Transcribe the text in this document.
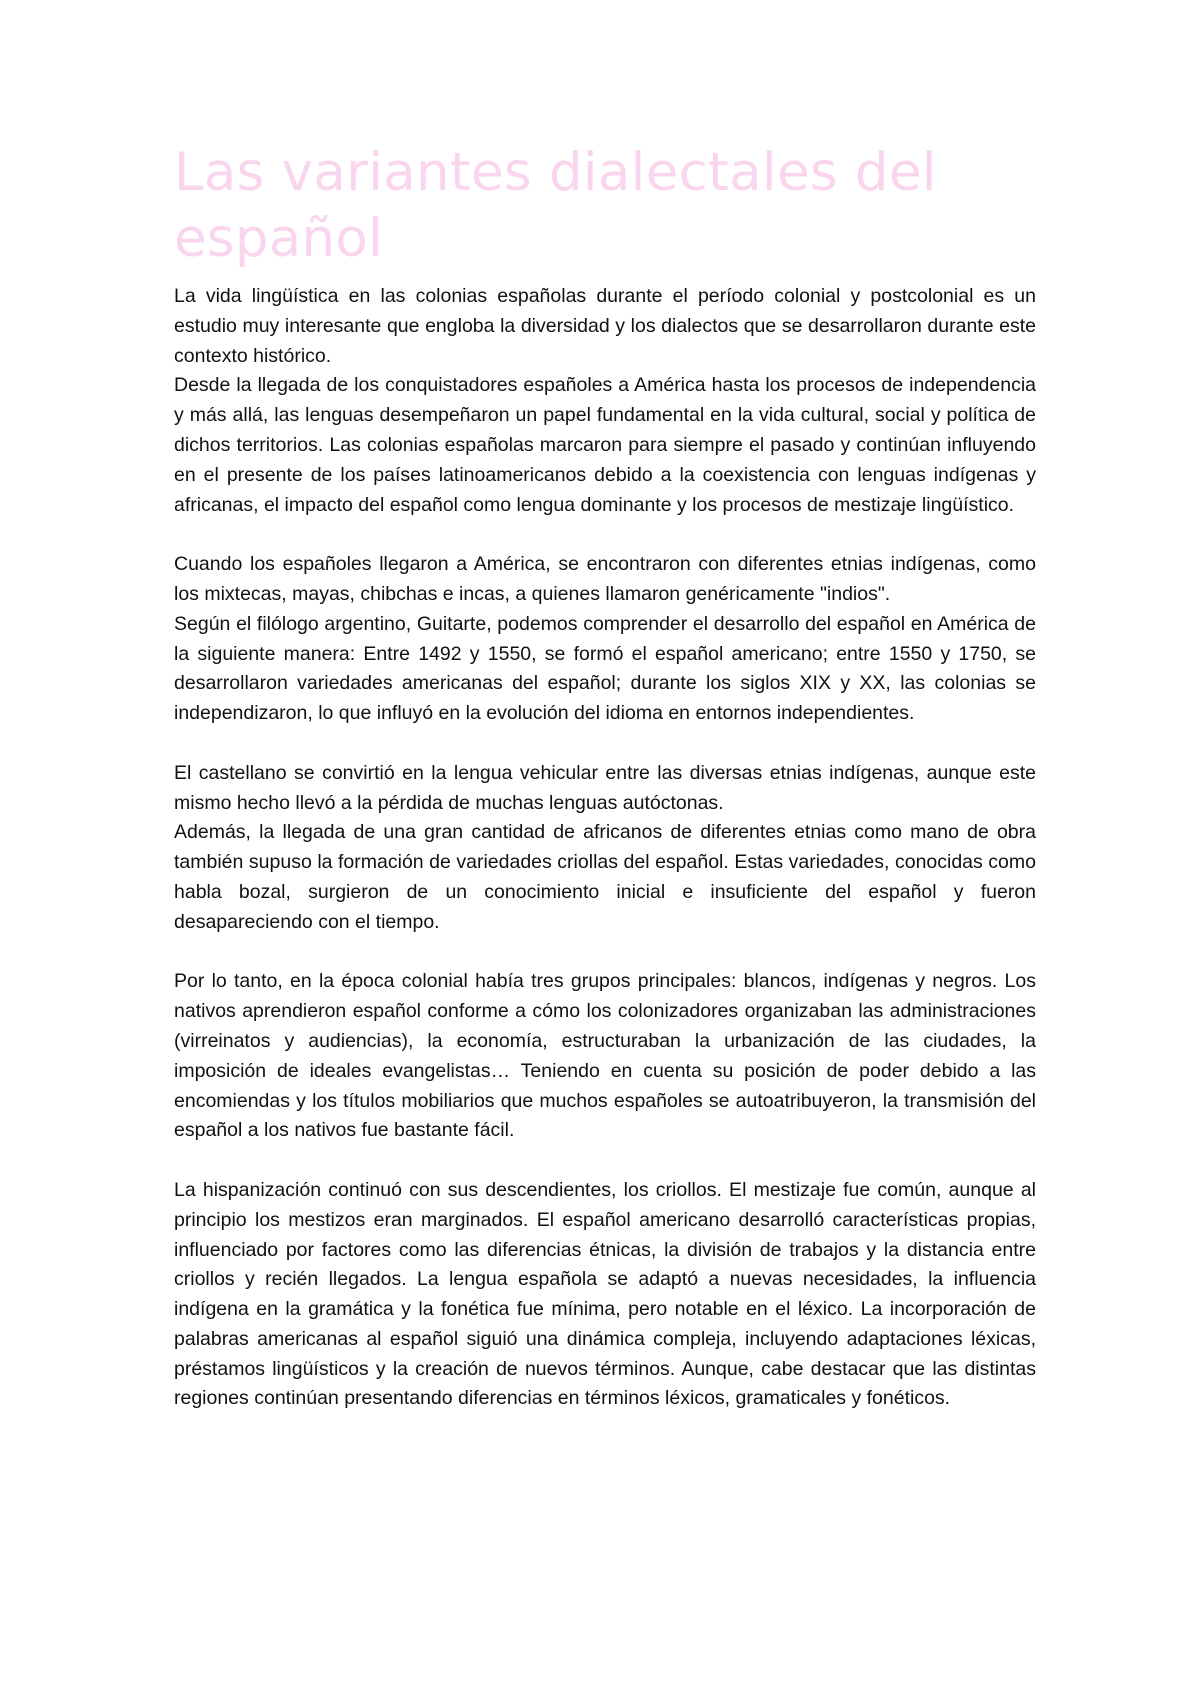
Las variantes dialectales del español

La vida lingüística en las colonias españolas durante el período colonial y postcolonial es un estudio muy interesante que engloba la diversidad y los dialectos que se desarrollaron durante este contexto histórico.

Desde la llegada de los conquistadores españoles a América hasta los procesos de independencia y más allá, las lenguas desempeñaron un papel fundamental en la vida cultural, social y política de dichos territorios. Las colonias españolas marcaron para siempre el pasado y continúan influyendo en el presente de los países latinoamericanos debido a la coexistencia con lenguas indígenas y africanas, el impacto del español como lengua dominante y los procesos de mestizaje lingüístico.

Cuando los españoles llegaron a América, se encontraron con diferentes etnias indígenas, como los mixtecas, mayas, chibchas e incas, a quienes llamaron genéricamente "indios".

Según el filólogo argentino, Guitarte, podemos comprender el desarrollo del español en América de la siguiente manera: Entre 1492 y 1550, se formó el español americano; entre 1550 y 1750, se desarrollaron variedades americanas del español; durante los siglos XIX y XX, las colonias se independizaron, lo que influyó en la evolución del idioma en entornos independientes.

El castellano se convirtió en la lengua vehicular entre las diversas etnias indígenas, aunque este mismo hecho llevó a la pérdida de muchas lenguas autóctonas.

Además, la llegada de una gran cantidad de africanos de diferentes etnias como mano de obra también supuso la formación de variedades criollas del español. Estas variedades, conocidas como habla bozal, surgieron de un conocimiento inicial e insuficiente del español y fueron desapareciendo con el tiempo.

Por lo tanto, en la época colonial había tres grupos principales: blancos, indígenas y negros. Los nativos aprendieron español conforme a cómo los colonizadores organizaban las administraciones (virreinatos y audiencias), la economía, estructuraban la urbanización de las ciudades, la imposición de ideales evangelistas… Teniendo en cuenta su posición de poder debido a las encomiendas y los títulos mobiliarios que muchos españoles se autoatribuyeron, la transmisión del español a los nativos fue bastante fácil.

La hispanización continuó con sus descendientes, los criollos. El mestizaje fue común, aunque al principio los mestizos eran marginados. El español americano desarrolló características propias, influenciado por factores como las diferencias étnicas, la división de trabajos y la distancia entre criollos y recién llegados. La lengua española se adaptó a nuevas necesidades, la influencia indígena en la gramática y la fonética fue mínima, pero notable en el léxico. La incorporación de palabras americanas al español siguió una dinámica compleja, incluyendo adaptaciones léxicas, préstamos lingüísticos y la creación de nuevos términos. Aunque, cabe destacar que las distintas regiones continúan presentando diferencias en términos léxicos, gramaticales y fonéticos.
